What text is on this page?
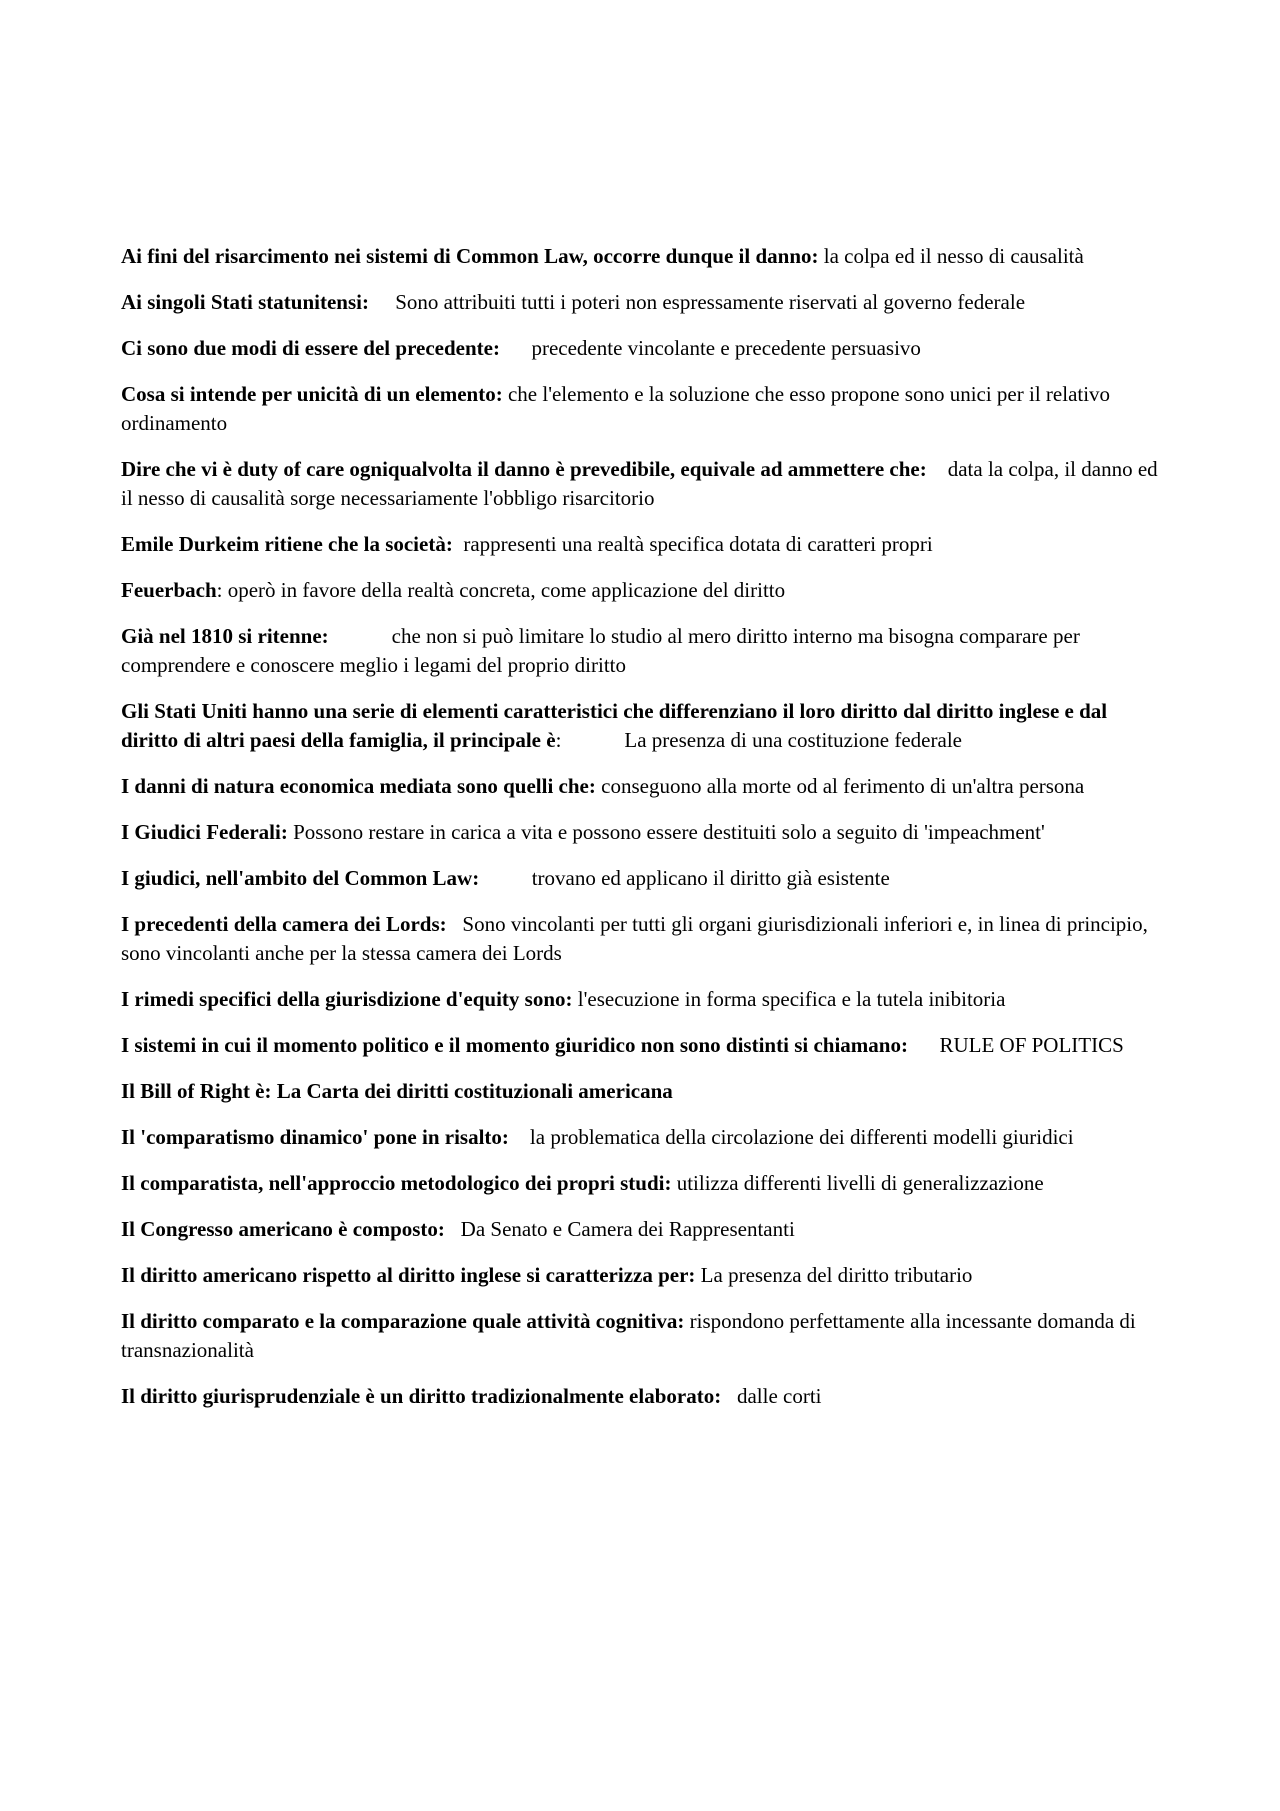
Ai fini del risarcimento nei sistemi di Common Law, occorre dunque il danno: la colpa ed il nesso di causalità

Ai singoli Stati statunitensi: Sono attribuiti tutti i poteri non espressamente riservati al governo federale

Ci sono due modi di essere del precedente: precedente vincolante e precedente persuasivo

Cosa si intende per unicità di un elemento: che l'elemento e la soluzione che esso propone sono unici per il relativo ordinamento

Dire che vi è duty of care ogniqualvolta il danno è prevedibile, equivale ad ammettere che: data la colpa, il danno ed il nesso di causalità sorge necessariamente l'obbligo risarcitorio

Emile Durkeim ritiene che la società: rappresenti una realtà specifica dotata di caratteri propri

Feuerbach: operò in favore della realtà concreta, come applicazione del diritto

Già nel 1810 si ritenne:	che non si può limitare lo studio al mero diritto interno ma bisogna comparare per comprendere e conoscere meglio i legami del proprio diritto

Gli Stati Uniti hanno una serie di elementi caratteristici che differenziano il loro diritto dal diritto inglese e dal diritto di altri paesi della famiglia, il principale è:            La presenza di una costituzione federale

I danni di natura economica mediata sono quelli che: conseguono alla morte od al ferimento di un'altra persona

I Giudici Federali: Possono restare in carica a vita e possono essere destituiti solo a seguito di 'impeachment'

I giudici, nell'ambito del Common Law:	trovano ed applicano il diritto già esistente

I precedenti della camera dei Lords: Sono vincolanti per tutti gli organi giurisdizionali inferiori e, in linea di principio, sono vincolanti anche per la stessa camera dei Lords

I rimedi specifici della giurisdizione d'equity sono: l'esecuzione in forma specifica e la tutela inibitoria

I sistemi in cui il momento politico e il momento giuridico non sono distinti si chiamano: RULE OF POLITICS

Il Bill of Right è: La Carta dei diritti costituzionali americana

Il 'comparatismo dinamico' pone in risalto: la problematica della circolazione dei differenti modelli giuridici

Il comparatista, nell'approccio metodologico dei propri studi: utilizza differenti livelli di generalizzazione

Il Congresso americano è composto: Da Senato e Camera dei Rappresentanti

Il diritto americano rispetto al diritto inglese si caratterizza per: La presenza del diritto tributario

Il diritto comparato e la comparazione quale attività cognitiva: rispondono perfettamente alla incessante domanda di transnazionalità

Il diritto giurisprudenziale è un diritto tradizionalmente elaborato: dalle corti
